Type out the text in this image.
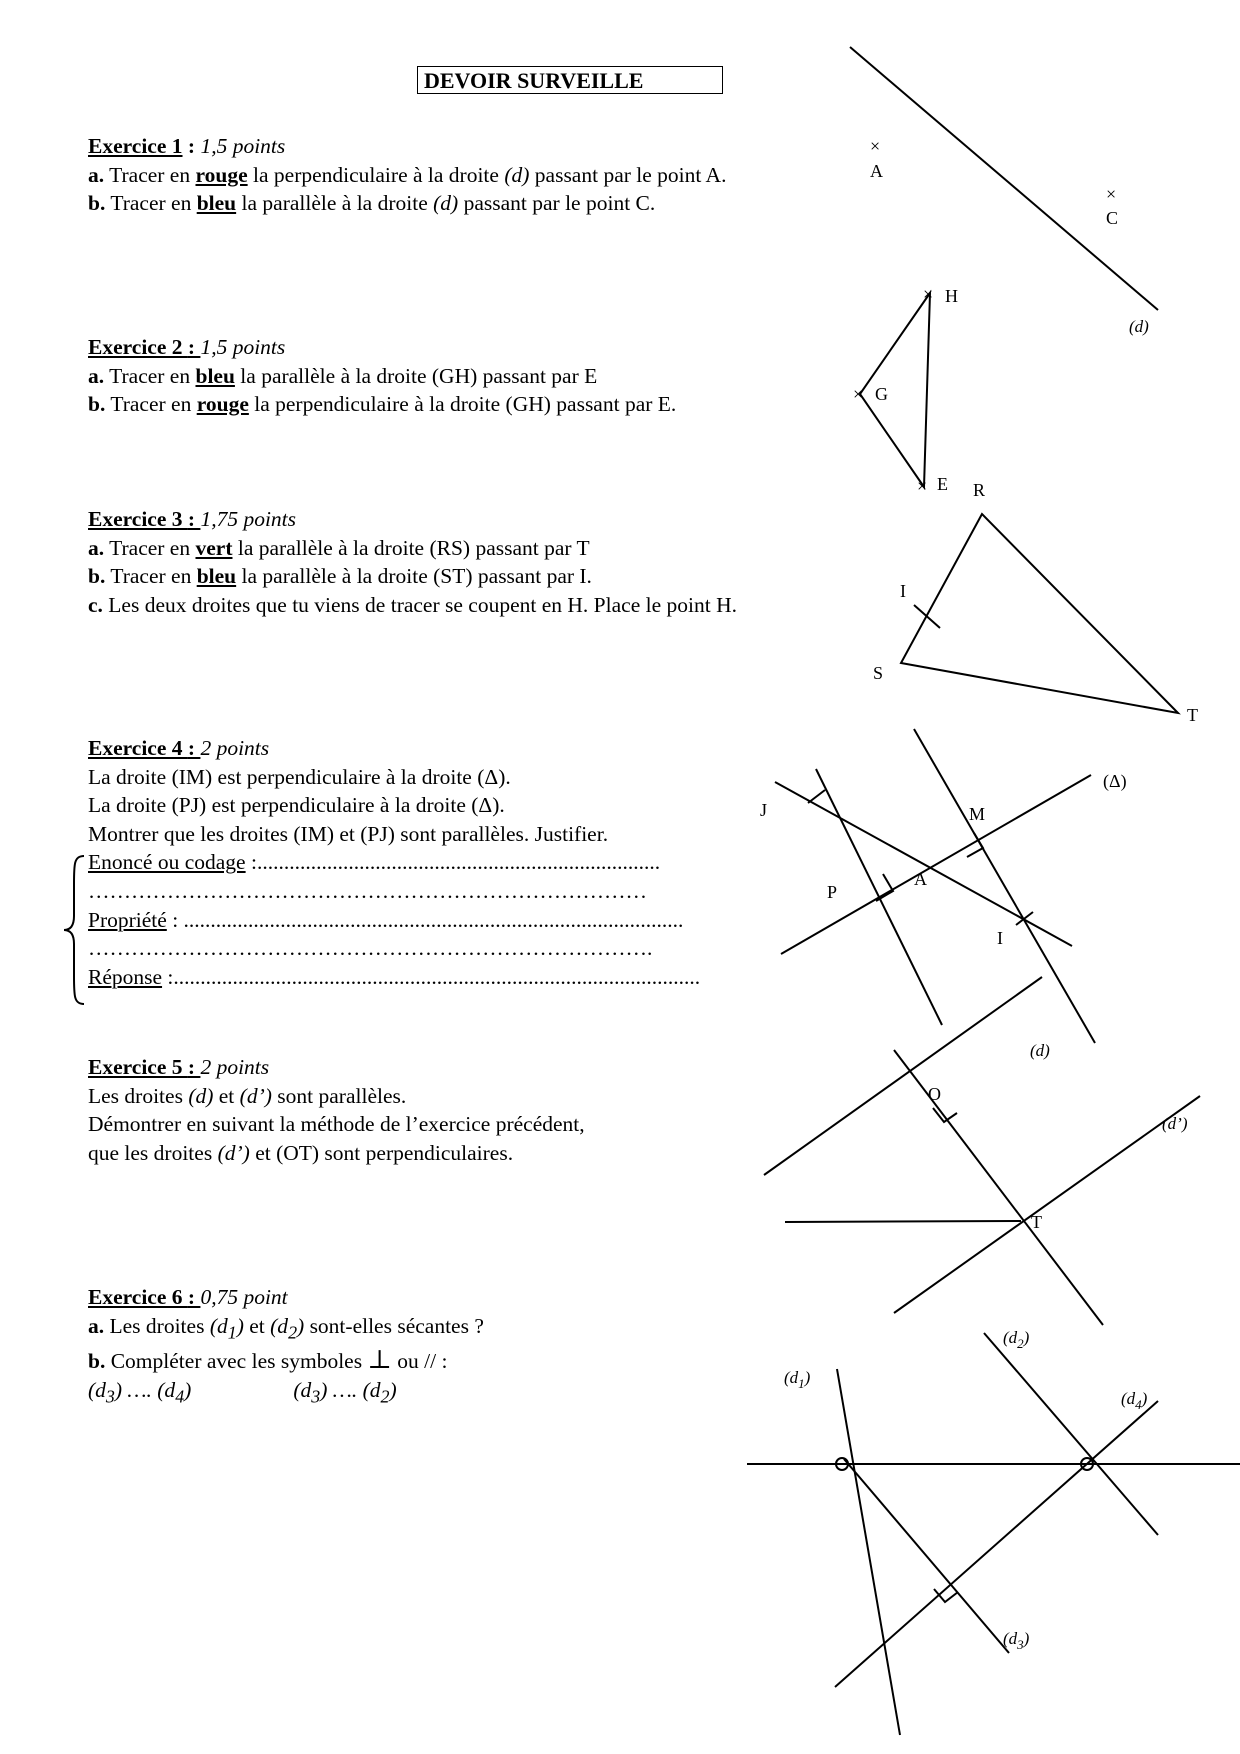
DEVOIR SURVEILLE

Exercice 1 : 1,5 points

a. Tracer en rouge la perpendiculaire à la droite (d) passant par le point A.

b. Tracer en bleu la parallèle à la droite (d) passant par le point C.

Exercice 2 : 1,5 points

a. Tracer en bleu la parallèle à la droite (GH) passant par E

b. Tracer en rouge la perpendiculaire à la droite (GH) passant par E.

Exercice 3 : 1,75 points

a. Tracer en vert la parallèle à la droite (RS) passant par T

b. Tracer en bleu la parallèle à la droite (ST) passant par I.

c. Les deux droites que tu viens de tracer se coupent en H. Place le point H.

Exercice 4 : 2 points

La droite (IM) est perpendiculaire à la droite (Δ).

La droite (PJ) est perpendiculaire à la droite (Δ).

Montrer que les droites (IM) et (PJ) sont parallèles. Justifier.

Enoncé ou codage :...........................................................................

……………………………………………………………………

Propriété : .............................................................................................

…………………………………………………………………….

Réponse :..................................................................................................

Exercice 5 : 2 points

Les droites (d) et (d’) sont parallèles.

Démontrer en suivant la méthode de l’exercice précédent,

que les droites (d’) et (OT) sont perpendiculaires.

Exercice 6 : 0,75 point

a. Les droites $(d_1)$ et $(d_2)$ sont-elles sécantes ?

b. Compléter avec les symboles ⊥ ou // :

$(d_3)$ …. $(d_4)$	$(d_3)$ …. $(d_2)$

×
A
×
C
(d)
× H
× G
× E R
I
S
T
J	M
A
P
I
(Δ)
(d)
O
(d’)
T
$(d_1)$
$(d_2)$
$(d_3)$
$(d_4)$
